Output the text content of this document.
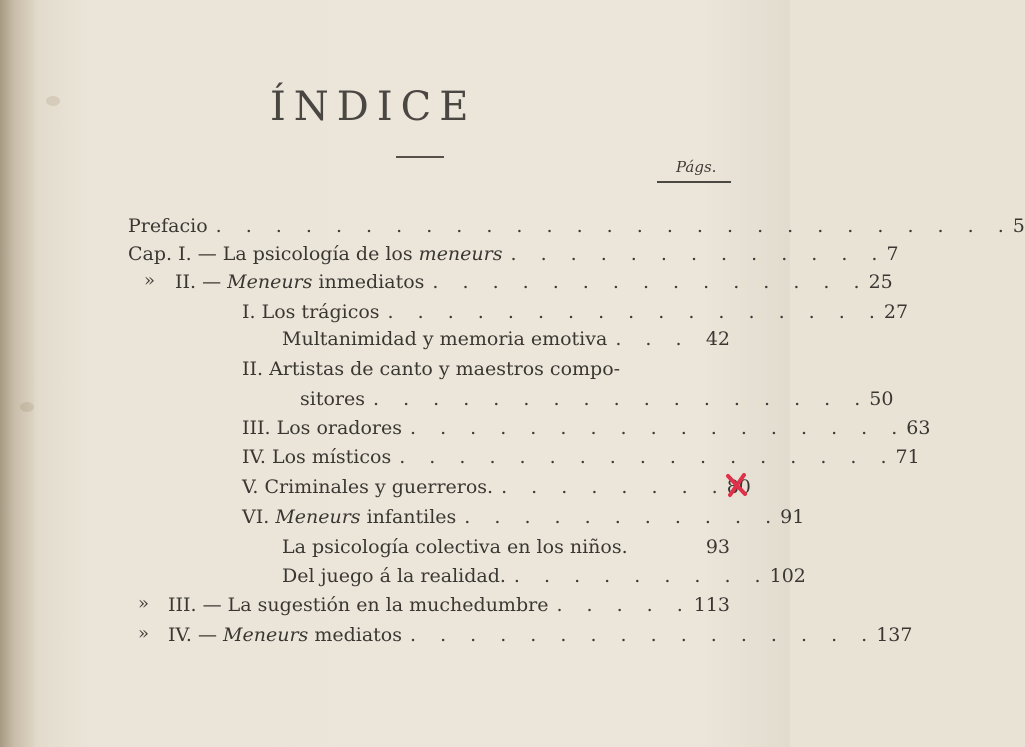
ÍNDICE
Págs.
Prefacio . . . . . . . . . . . . . . . . . . . . . . . . . . . 5
Cap. I. — La psicología de los meneurs . . . . . . . . . . . . . 7
» II. — Meneurs inmediatos . . . . . . . . . . . . . . . 25
I. Los trágicos . . . . . . . . . . . . . . . . . 27
Multanimidad y memoria emotiva . . . 42
II. Artistas de canto y maestros compo-
sitores . . . . . . . . . . . . . . . . . 50
III. Los oradores . . . . . . . . . . . . . . . . . 63
IV. Los místicos . . . . . . . . . . . . . . . . . 71
V. Criminales y guerreros. . . . . . . . . 80
VI. Meneurs infantiles . . . . . . . . . . . 91
La psicología colectiva en los niños.	93
Del juego á la realidad. . . . . . . . . . 102
» III. — La sugestión en la muchedumbre . . . . . 113
» IV. — Meneurs mediatos . . . . . . . . . . . . . . . . 137
